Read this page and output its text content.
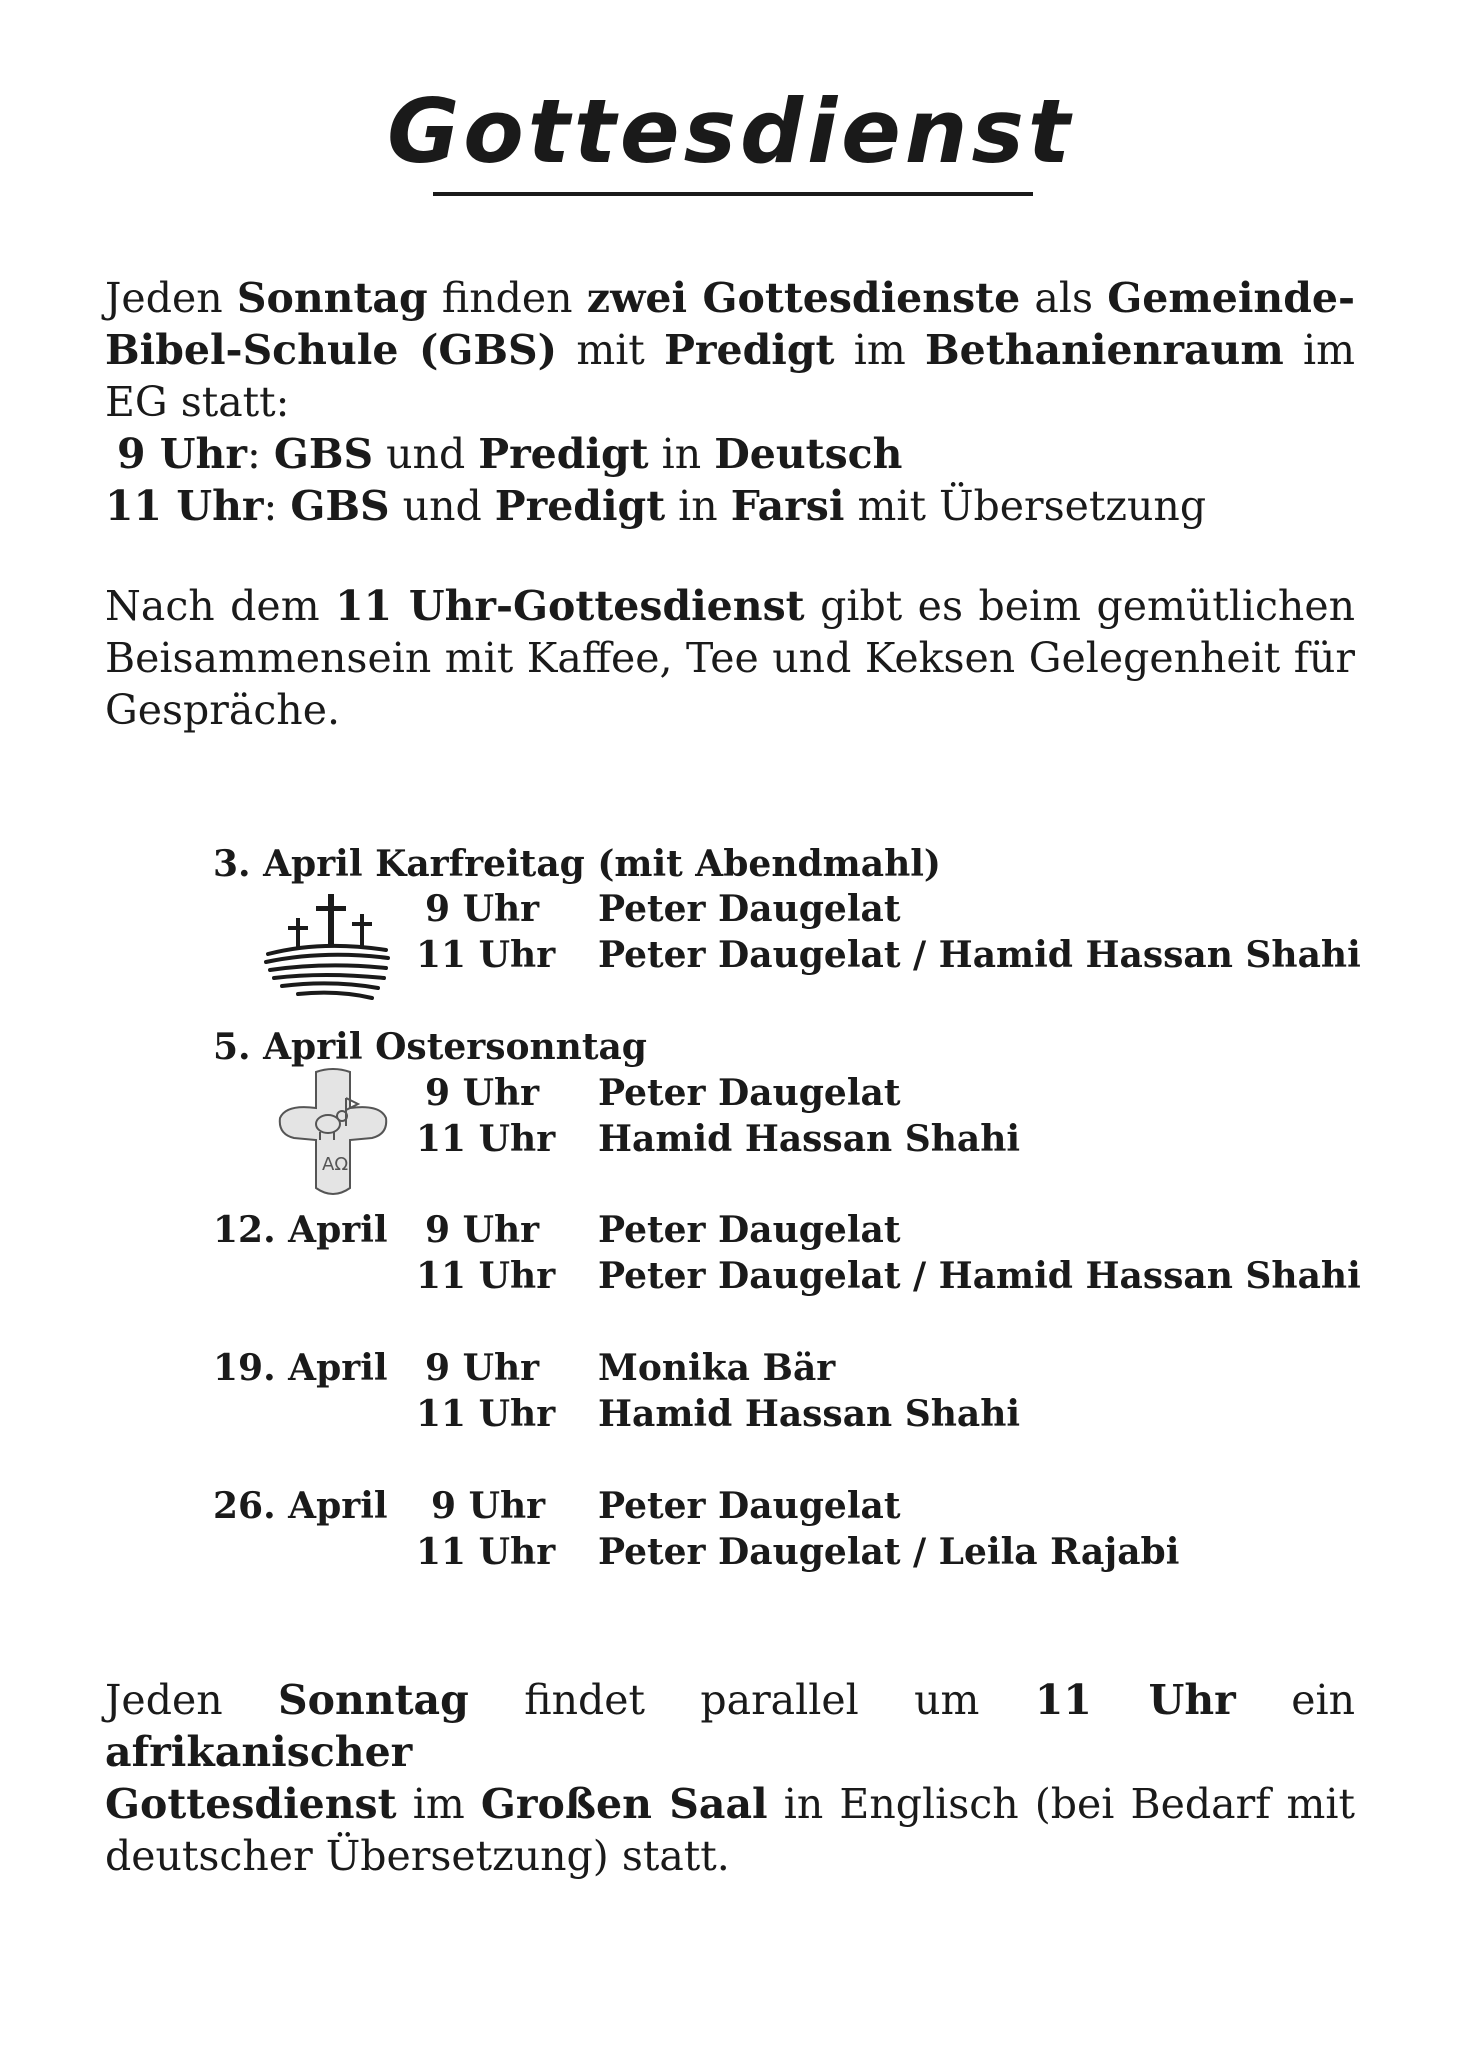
Gottesdienst
Jeden Sonntag finden zwei Gottesdienste als Gemeinde-
Bibel-Schule (GBS) mit Predigt im Bethanienraum im
EG statt:
9 Uhr: GBS und Predigt in Deutsch
11 Uhr: GBS und Predigt in Farsi mit Übersetzung
Nach dem 11 Uhr-Gottesdienst gibt es beim gemütlichen
Beisammensein mit Kaffee, Tee und Keksen Gelegenheit für
Gespräche.
3. April Karfreitag (mit Abendmahl)
9 Uhr Peter Daugelat
11 Uhr Peter Daugelat / Hamid Hassan Shahi
5. April Ostersonntag
9 Uhr Peter Daugelat
11 Uhr Hamid Hassan Shahi
AΩ
12. April 9 Uhr Peter Daugelat
11 Uhr Peter Daugelat / Hamid Hassan Shahi
19. April 9 Uhr Monika Bär
11 Uhr Hamid Hassan Shahi
26. April 9 Uhr Peter Daugelat
11 Uhr Peter Daugelat / Leila Rajabi
Jeden Sonntag findet parallel um 11 Uhr ein afrikanischer
Gottesdienst im Großen Saal in Englisch (bei Bedarf mit
deutscher Übersetzung) statt.
